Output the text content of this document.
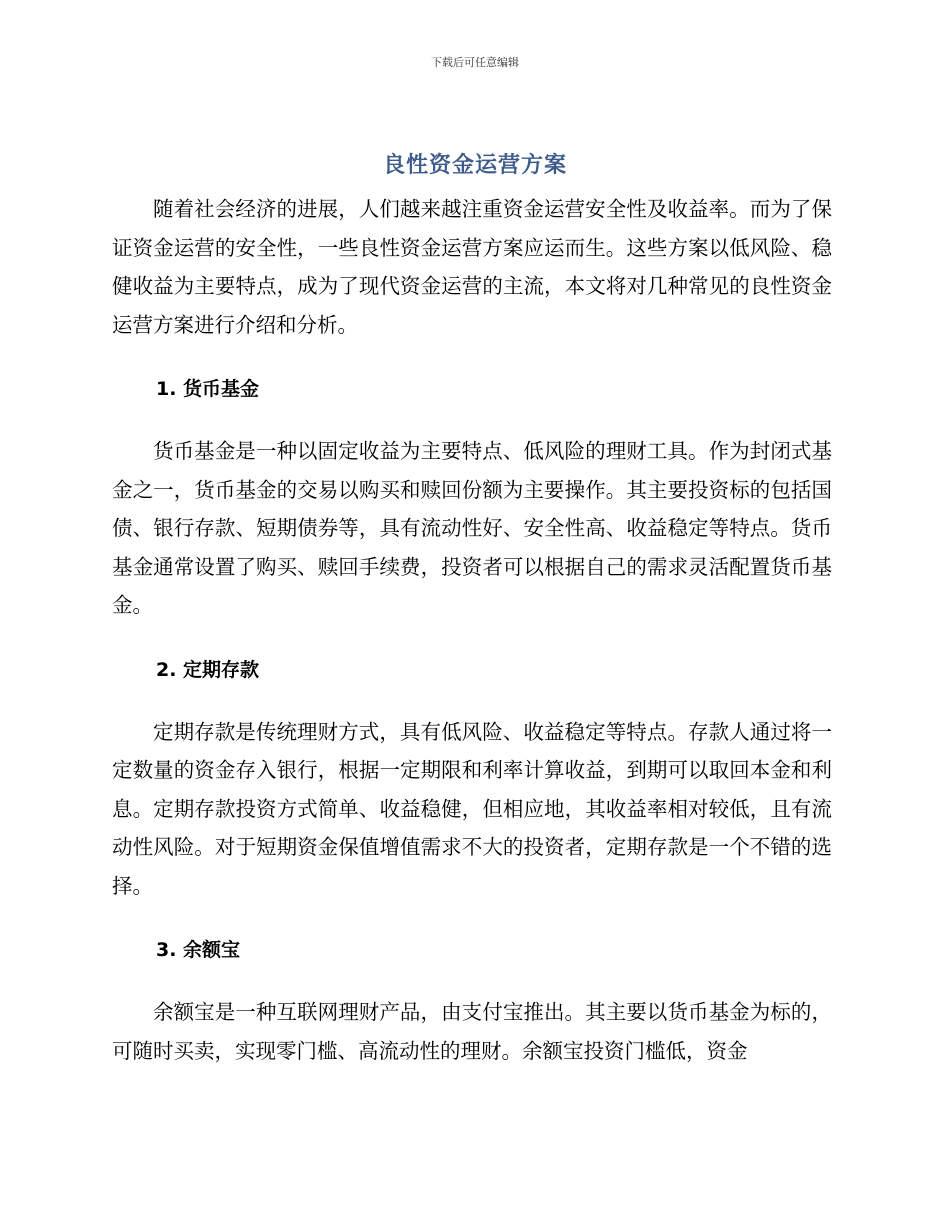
下载后可任意编辑
良性资金运营方案

随着社会经济的进展，人们越来越注重资金运营安全性及收益率。而为了保证资金运营的安全性，一些良性资金运营方案应运而生。这些方案以低风险、稳健收益为主要特点，成为了现代资金运营的主流，本文将对几种常见的良性资金运营方案进行介绍和分析。

1. 货币基金

货币基金是一种以固定收益为主要特点、低风险的理财工具。作为封闭式基金之一，货币基金的交易以购买和赎回份额为主要操作。其主要投资标的包括国债、银行存款、短期债券等，具有流动性好、安全性高、收益稳定等特点。货币基金通常设置了购买、赎回手续费，投资者可以根据自己的需求灵活配置货币基金。

2. 定期存款

定期存款是传统理财方式，具有低风险、收益稳定等特点。存款人通过将一定数量的资金存入银行，根据一定期限和利率计算收益，到期可以取回本金和利息。定期存款投资方式简单、收益稳健，但相应地，其收益率相对较低，且有流动性风险。对于短期资金保值增值需求不大的投资者，定期存款是一个不错的选择。

3. 余额宝

余额宝是一种互联网理财产品，由支付宝推出。其主要以货币基金为标的，可随时买卖，实现零门槛、高流动性的理财。余额宝投资门槛低，资金
